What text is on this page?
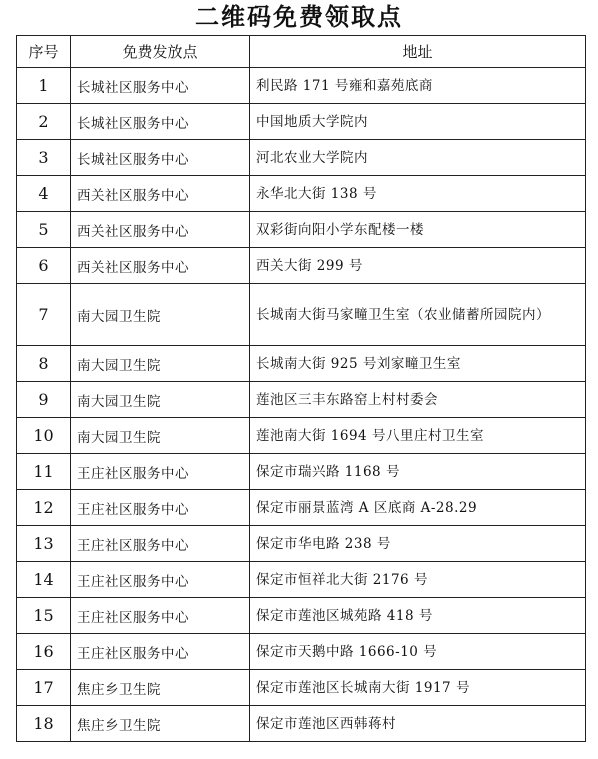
二维码免费领取点
序号	免费发放点	地址
1	长城社区服务中心	利民路 171 号雍和嘉苑底商
2	长城社区服务中心	中国地质大学院内
3	长城社区服务中心	河北农业大学院内
4	西关社区服务中心	永华北大街 138 号
5	西关社区服务中心	双彩街向阳小学东配楼一楼
6	西关社区服务中心	西关大街 299 号
7	南大园卫生院	长城南大街马家疃卫生室（农业储蓄所园院内）
8	南大园卫生院	长城南大街 925 号刘家疃卫生室
9	南大园卫生院	莲池区三丰东路窑上村村委会
10	南大园卫生院	莲池南大街 1694 号八里庄村卫生室
11	王庄社区服务中心	保定市瑞兴路 1168 号
12	王庄社区服务中心	保定市丽景蓝湾 A 区底商 A-28.29
13	王庄社区服务中心	保定市华电路 238 号
14	王庄社区服务中心	保定市恒祥北大街 2176 号
15	王庄社区服务中心	保定市莲池区城苑路 418 号
16	王庄社区服务中心	保定市天鹅中路 1666-10 号
17	焦庄乡卫生院	保定市莲池区长城南大街 1917 号
18	焦庄乡卫生院	保定市莲池区西韩蒋村
